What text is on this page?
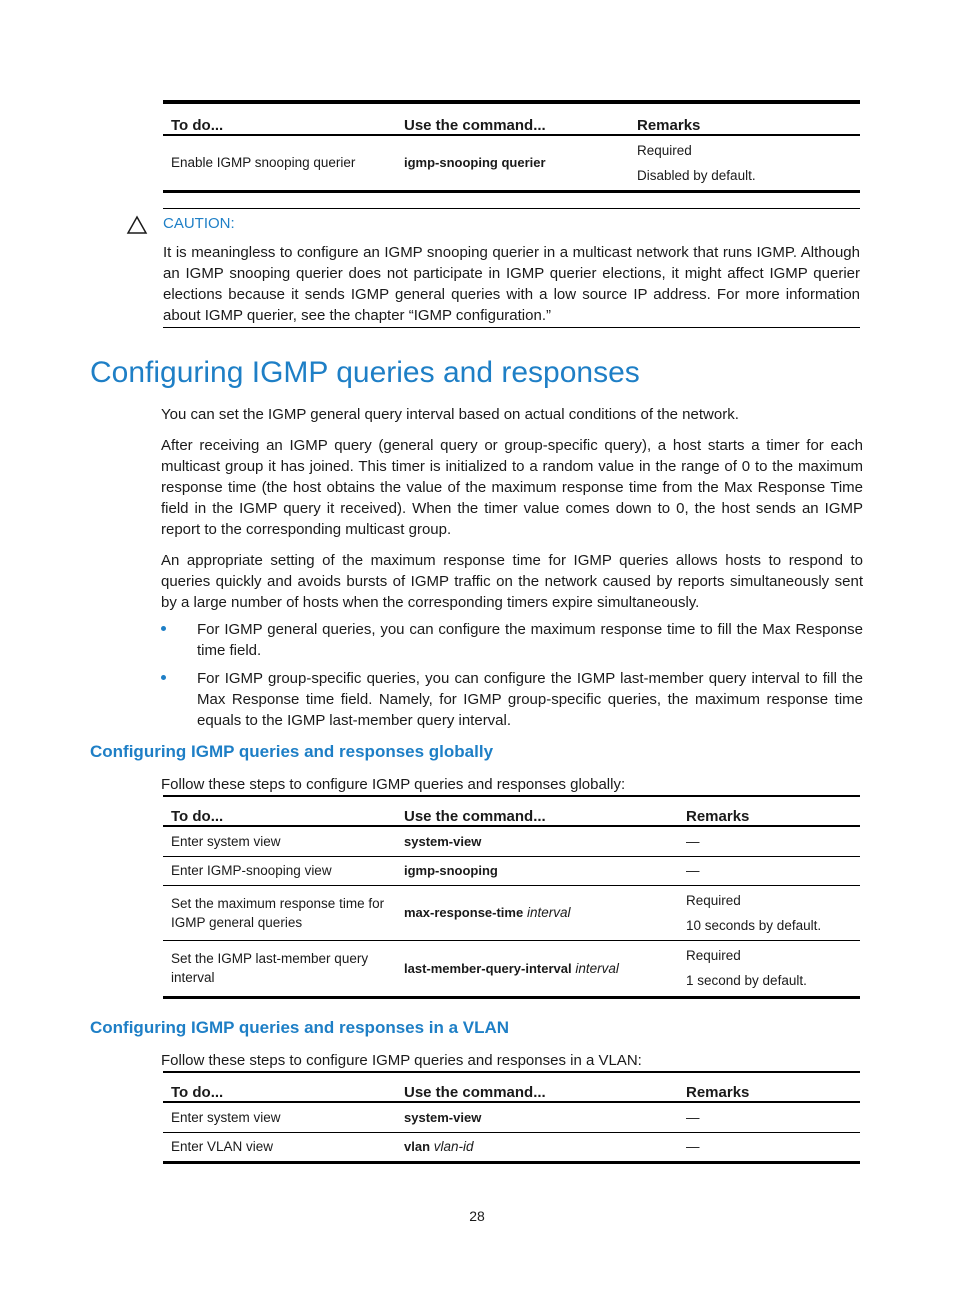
To do...	Use the command...	Remarks
Enable IGMP snooping querier	igmp-snooping querier	Required
Disabled by default.
CAUTION:

It is meaningless to configure an IGMP snooping querier in a multicast network that runs IGMP. Although an IGMP snooping querier does not participate in IGMP querier elections, it might affect IGMP querier elections because it sends IGMP general queries with a low source IP address. For more information about IGMP querier, see the chapter “IGMP configuration.”

Configuring IGMP queries and responses

You can set the IGMP general query interval based on actual conditions of the network.

After receiving an IGMP query (general query or group-specific query), a host starts a timer for each multicast group it has joined. This timer is initialized to a random value in the range of 0 to the maximum response time (the host obtains the value of the maximum response time from the Max Response Time field in the IGMP query it received). When the timer value comes down to 0, the host sends an IGMP report to the corresponding multicast group.

An appropriate setting of the maximum response time for IGMP queries allows hosts to respond to queries quickly and avoids bursts of IGMP traffic on the network caused by reports simultaneously sent by a large number of hosts when the corresponding timers expire simultaneously.

For IGMP general queries, you can configure the maximum response time to fill the Max Response time field.
For IGMP group-specific queries, you can configure the IGMP last-member query interval to fill the Max Response time field. Namely, for IGMP group-specific queries, the maximum response time equals to the IGMP last-member query interval.
Configuring IGMP queries and responses globally

Follow these steps to configure IGMP queries and responses globally:

To do...	Use the command...	Remarks
Enter system view	system-view	—
Enter IGMP-snooping view	igmp-snooping	—
Set the maximum response time for IGMP general queries	max-response-time interval	Required
10 seconds by default.

Set the IGMP last-member query interval	last-member-query-interval interval	Required
1 second by default.
Configuring IGMP queries and responses in a VLAN

Follow these steps to configure IGMP queries and responses in a VLAN:

To do...	Use the command...	Remarks
Enter system view	system-view	—
Enter VLAN view	vlan vlan-id	—
28
